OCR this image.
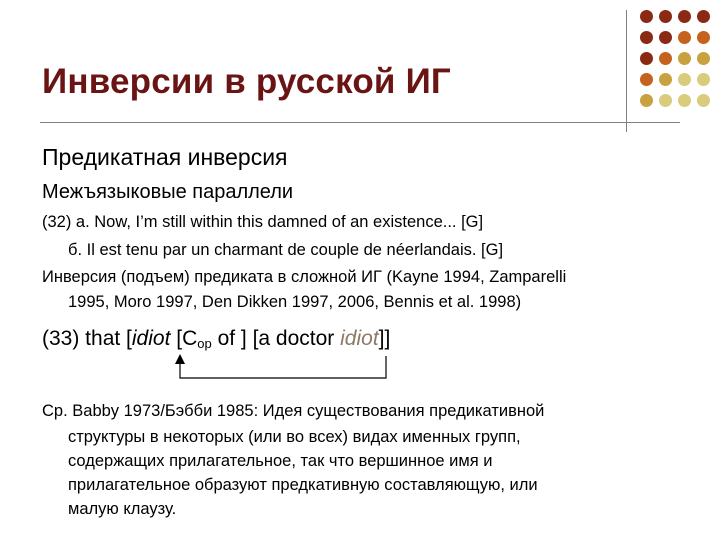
Инверсии в русской ИГ
Предикатная инверсия
Межъязыковые параллели
(32) a. Now, I’m still within this damned of an existence... [G]
б. Il est tenu par un charmant de couple de néerlandais. [G]
Инверсия (подъем) предиката в сложной ИГ (Kayne 1994, Zamparelli
1995, Moro 1997, Den Dikken 1997, 2006, Bennis et al. 1998)
(33) that [idiot [$C_{op}$ of ] [a doctor idiot]]
Ср. Babby 1973/Бэбби 1985: Идея существования предикативной
структуры в некоторых (или во всех) видах именных групп,
содержащих прилагательное, так что вершинное имя и
прилагательное образуют предкативную составляющую, или
малую клаузу.
